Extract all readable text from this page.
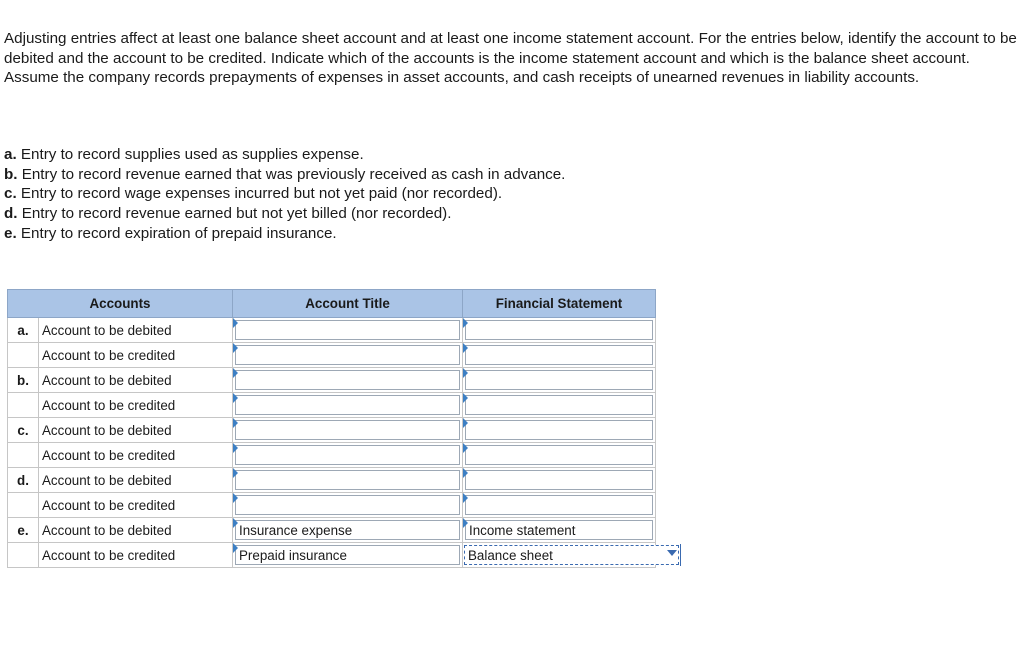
Adjusting entries affect at least one balance sheet account and at least one income statement account. For the entries below, identify the account to be debited and the account to be credited. Indicate which of the accounts is the income statement account and which is the balance sheet account. Assume the company records prepayments of expenses in asset accounts, and cash receipts of unearned revenues in liability accounts.

a. Entry to record supplies used as supplies expense.
b. Entry to record revenue earned that was previously received as cash in advance.
c. Entry to record wage expenses incurred but not yet paid (nor recorded).
d. Entry to record revenue earned but not yet billed (nor recorded).
e. Entry to record expiration of prepaid insurance.
Accounts		Account Title	Financial Statement
a.	Account to be debited	

	Account to be credited	

b.	Account to be debited	

	Account to be credited	

c.	Account to be debited	

	Account to be credited	

d.	Account to be debited	

	Account to be credited	

e.	Account to be debited	Insurance expense	Income statement

	Account to be credited	Prepaid insurance	Balance sheet
